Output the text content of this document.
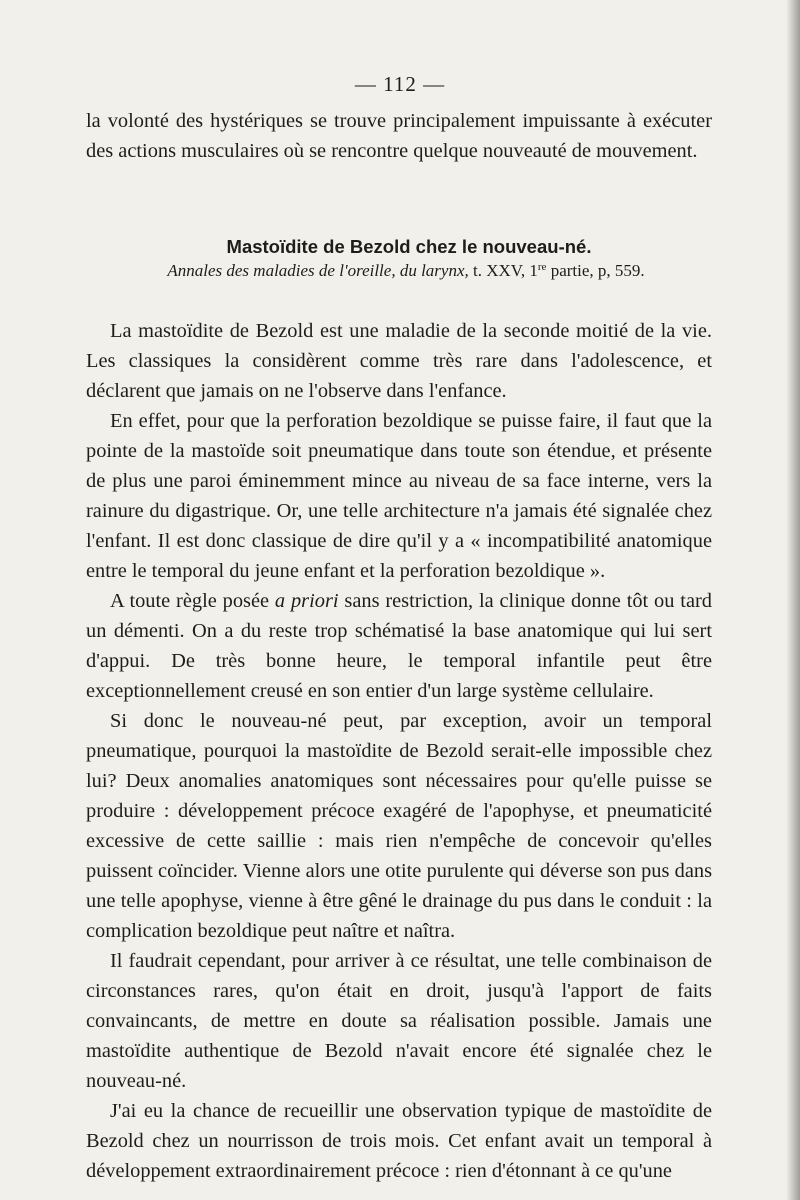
— 112 —

la volonté des hystériques se trouve principalement impuissante à exécuter des actions musculaires où se rencontre quelque nouveauté de mouvement.

Mastoïdite de Bezold chez le nouveau-né.

Annales des maladies de l'oreille, du larynx, t. XXV, 1re partie, p, 559.

La mastoïdite de Bezold est une maladie de la seconde moitié de la vie. Les classiques la considèrent comme très rare dans l'adolescence, et déclarent que jamais on ne l'observe dans l'enfance.

En effet, pour que la perforation bezoldique se puisse faire, il faut que la pointe de la mastoïde soit pneumatique dans toute son étendue, et présente de plus une paroi éminemment mince au niveau de sa face interne, vers la rainure du digastrique. Or, une telle architecture n'a jamais été signalée chez l'enfant. Il est donc classique de dire qu'il y a « incompatibilité anatomique entre le temporal du jeune enfant et la perforation bezoldique ».

A toute règle posée a priori sans restriction, la clinique donne tôt ou tard un démenti. On a du reste trop schématisé la base anatomique qui lui sert d'appui. De très bonne heure, le temporal infantile peut être exceptionnellement creusé en son entier d'un large système cellulaire.

Si donc le nouveau-né peut, par exception, avoir un temporal pneumatique, pourquoi la mastoïdite de Bezold serait-elle impossible chez lui? Deux anomalies anatomiques sont nécessaires pour qu'elle puisse se produire : développement précoce exagéré de l'apophyse, et pneumaticité excessive de cette saillie : mais rien n'empêche de concevoir qu'elles puissent coïncider. Vienne alors une otite purulente qui déverse son pus dans une telle apophyse, vienne à être gêné le drainage du pus dans le conduit : la complication bezoldique peut naître et naîtra.

Il faudrait cependant, pour arriver à ce résultat, une telle combinaison de circonstances rares, qu'on était en droit, jusqu'à l'apport de faits convaincants, de mettre en doute sa réalisation possible. Jamais une mastoïdite authentique de Bezold n'avait encore été signalée chez le nouveau-né.

J'ai eu la chance de recueillir une observation typique de mastoïdite de Bezold chez un nourrisson de trois mois. Cet enfant avait un temporal à développement extraordinairement précoce : rien d'étonnant à ce qu'une
